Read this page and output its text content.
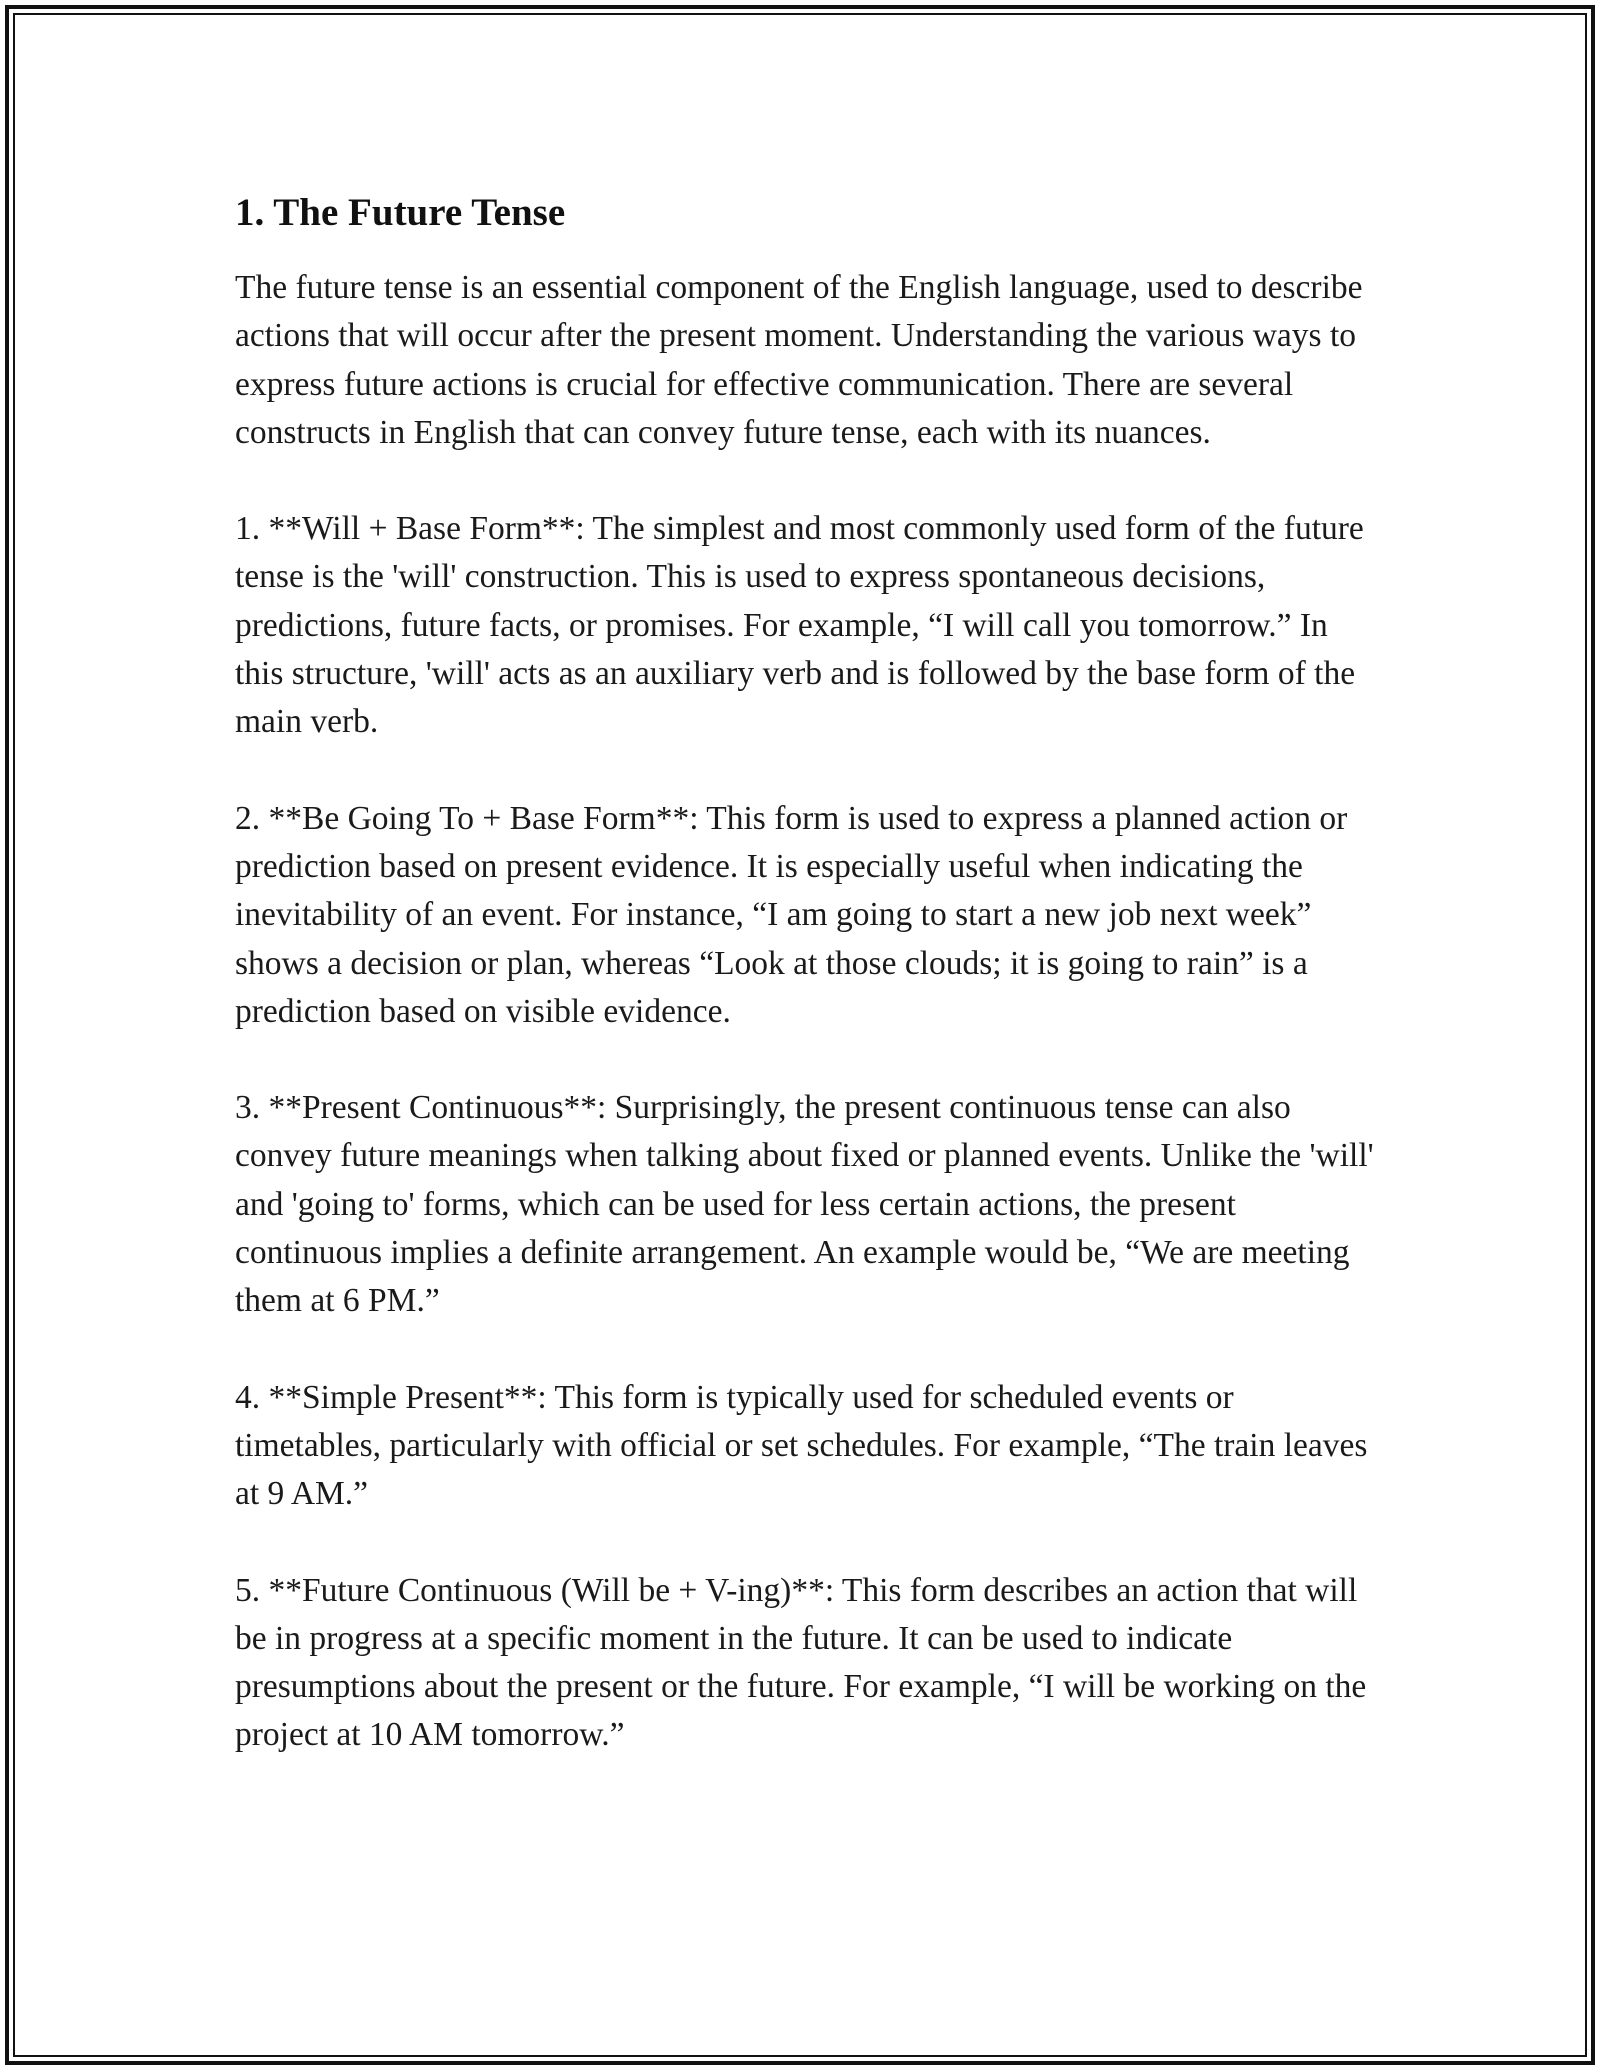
1. The Future Tense

The future tense is an essential component of the English language, used to describe actions that will occur after the present moment. Understanding the various ways to express future actions is crucial for effective communication. There are several constructs in English that can convey future tense, each with its nuances.

1. **Will + Base Form**: The simplest and most commonly used form of the future tense is the 'will' construction. This is used to express spontaneous decisions, predictions, future facts, or promises. For example, “I will call you tomorrow.” In this structure, 'will' acts as an auxiliary verb and is followed by the base form of the main verb.

2. **Be Going To + Base Form**: This form is used to express a planned action or prediction based on present evidence. It is especially useful when indicating the inevitability of an event. For instance, “I am going to start a new job next week” shows a decision or plan, whereas “Look at those clouds; it is going to rain” is a prediction based on visible evidence.

3. **Present Continuous**: Surprisingly, the present continuous tense can also convey future meanings when talking about fixed or planned events. Unlike the 'will' and 'going to' forms, which can be used for less certain actions, the present continuous implies a definite arrangement. An example would be, “We are meeting them at 6 PM.”

4. **Simple Present**: This form is typically used for scheduled events or timetables, particularly with official or set schedules. For example, “The train leaves at 9 AM.”

5. **Future Continuous (Will be + V-ing)**: This form describes an action that will be in progress at a specific moment in the future. It can be used to indicate presumptions about the present or the future. For example, “I will be working on the project at 10 AM tomorrow.”
